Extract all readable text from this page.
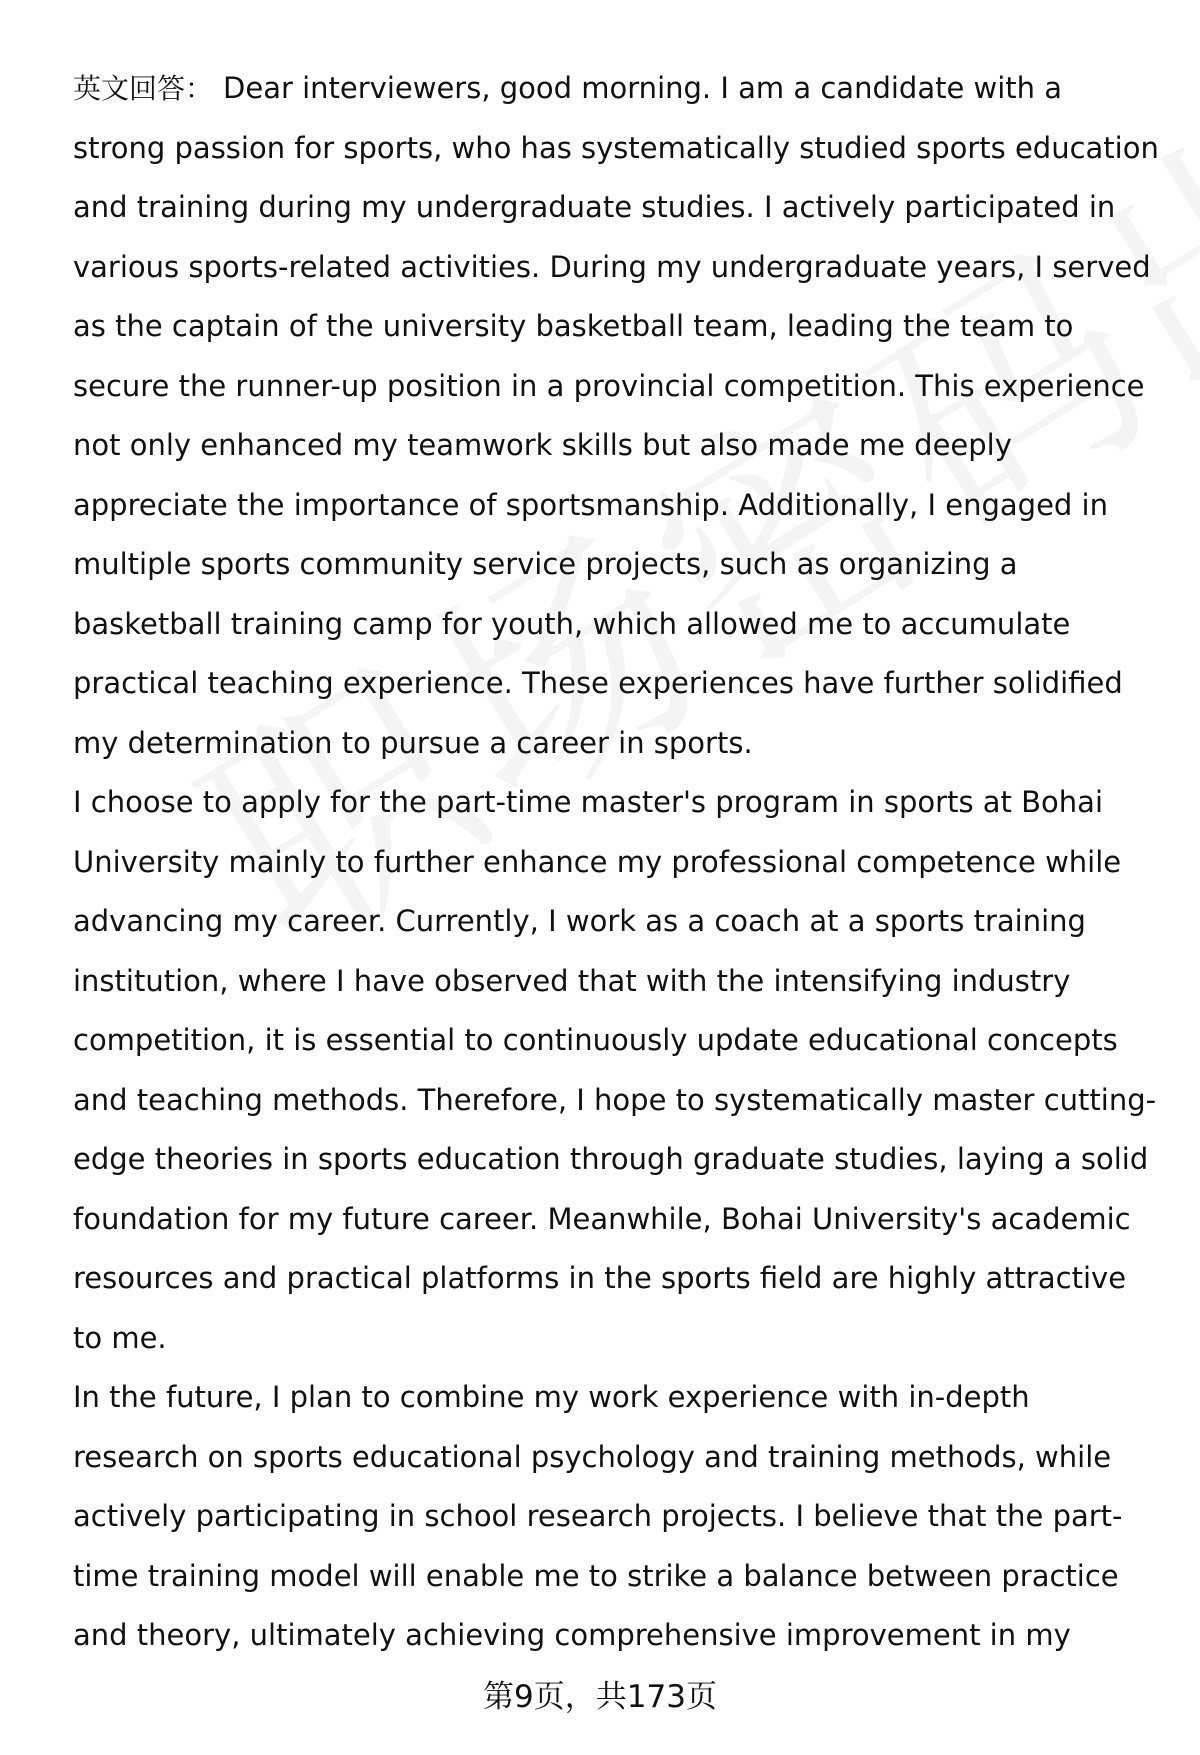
英文回答： Dear interviewers, good morning. I am a candidate with a strong passion for sports, who has systematically studied sports education and training during my undergraduate studies. I actively participated in various sports-related activities. During my undergraduate years, I served as the captain of the university basketball team, leading the team to secure the runner-up position in a provincial competition. This experience not only enhanced my teamwork skills but also made me deeply appreciate the importance of sportsmanship. Additionally, I engaged in multiple sports community service projects, such as organizing a basketball training camp for youth, which allowed me to accumulate practical teaching experience. These experiences have further solidified my determination to pursue a career in sports.

I choose to apply for the part-time master's program in sports at Bohai University mainly to further enhance my professional competence while advancing my career. Currently, I work as a coach at a sports training institution, where I have observed that with the intensifying industry competition, it is essential to continuously update educational concepts and teaching methods. Therefore, I hope to systematically master cutting-edge theories in sports education through graduate studies, laying a solid foundation for my future career. Meanwhile, Bohai University's academic resources and practical platforms in the sports field are highly attractive to me.

In the future, I plan to combine my work experience with in-depth research on sports educational psychology and training methods, while actively participating in school research projects. I believe that the part-time training model will enable me to strike a balance between practice and theory, ultimately achieving comprehensive improvement in my

第9页，共173页
